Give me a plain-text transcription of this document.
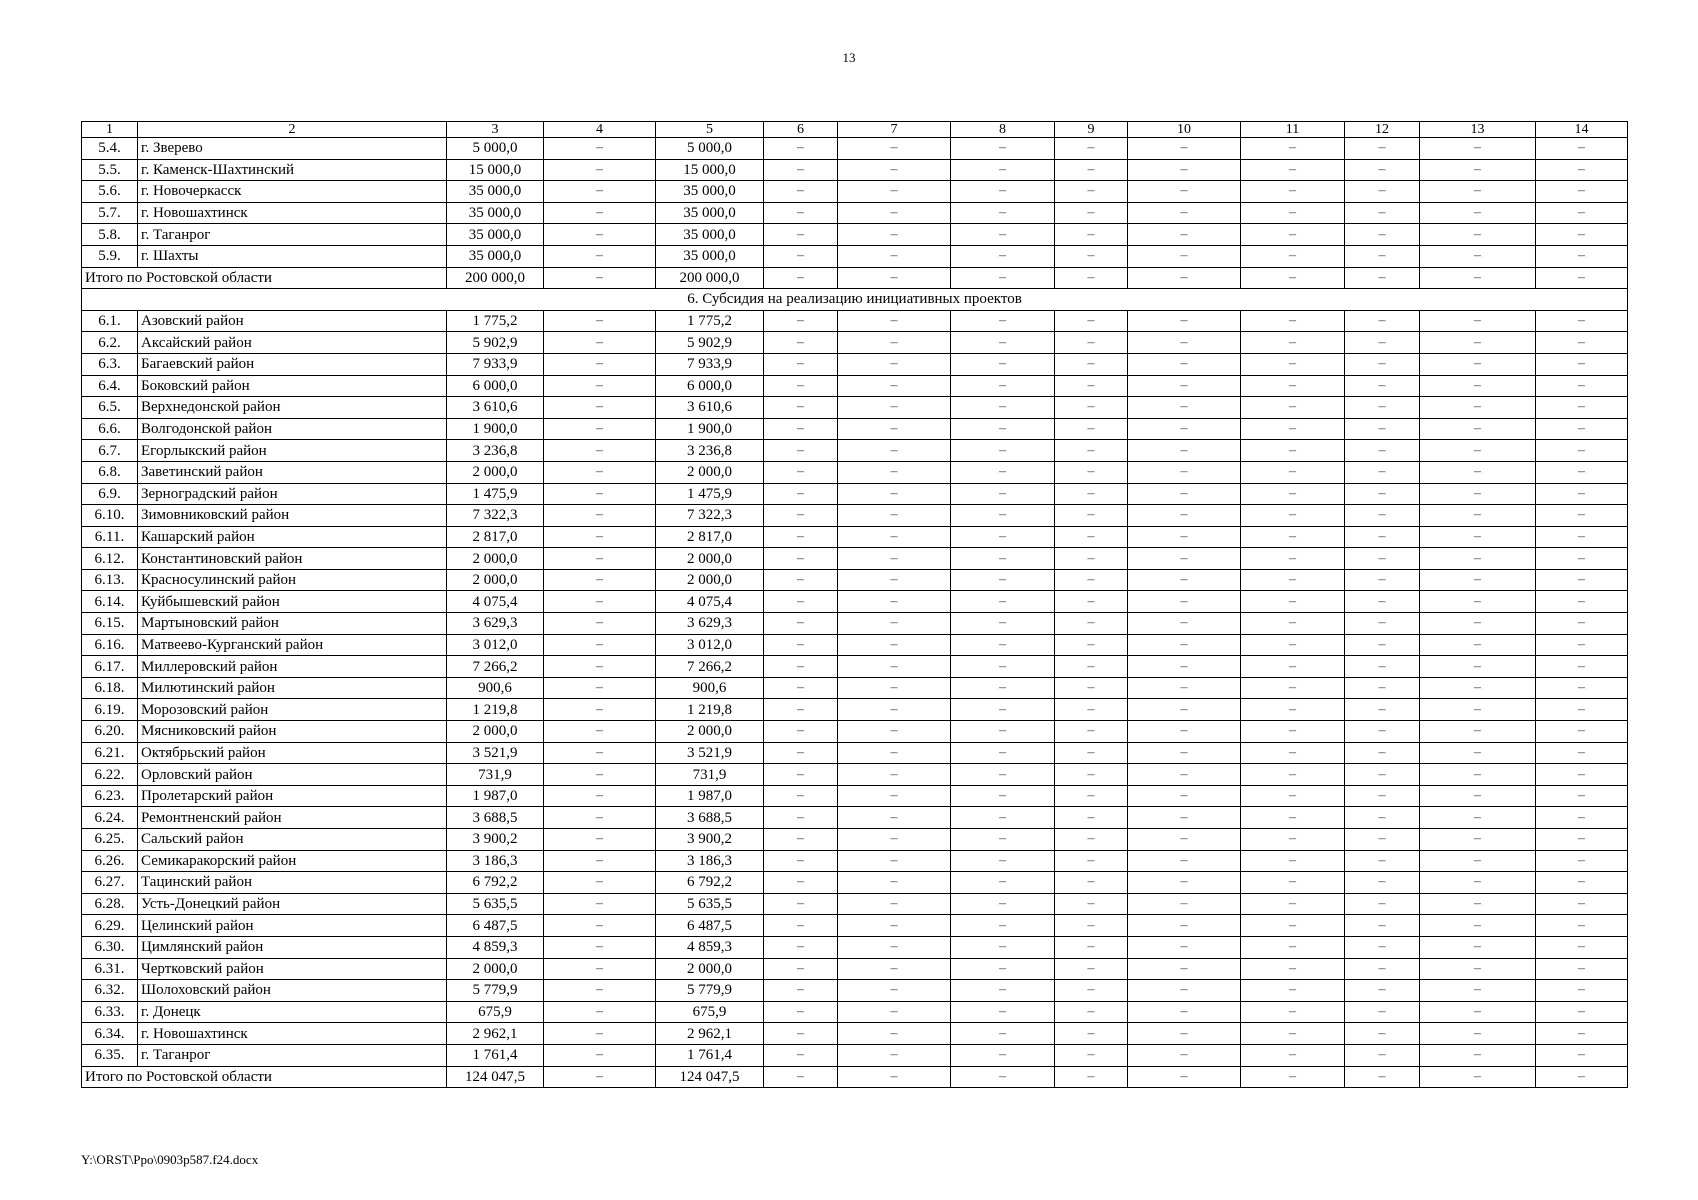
13
1	2	3	4	5	6	7	8	9	10	11	12	13	14
5.4.	г. Зверево	5 000,0	–	5 000,0	–	–	–	–	–	–	–	–	–
5.5.	г. Каменск-Шахтинский	15 000,0	–	15 000,0	–	–	–	–	–	–	–	–	–
5.6.	г. Новочеркасск	35 000,0	–	35 000,0	–	–	–	–	–	–	–	–	–
5.7.	г. Новошахтинск	35 000,0	–	35 000,0	–	–	–	–	–	–	–	–	–
5.8.	г. Таганрог	35 000,0	–	35 000,0	–	–	–	–	–	–	–	–	–
5.9.	г. Шахты	35 000,0	–	35 000,0	–	–	–	–	–	–	–	–	–
Итого по Ростовской области		200 000,0	–	200 000,0	–	–	–	–	–	–	–	–	–
6. Субсидия на реализацию инициативных проектов													
6.1.	Азовский район	1 775,2	–	1 775,2	–	–	–	–	–	–	–	–	–
6.2.	Аксайский район	5 902,9	–	5 902,9	–	–	–	–	–	–	–	–	–
6.3.	Багаевский район	7 933,9	–	7 933,9	–	–	–	–	–	–	–	–	–
6.4.	Боковский район	6 000,0	–	6 000,0	–	–	–	–	–	–	–	–	–
6.5.	Верхнедонской район	3 610,6	–	3 610,6	–	–	–	–	–	–	–	–	–
6.6.	Волгодонской район	1 900,0	–	1 900,0	–	–	–	–	–	–	–	–	–
6.7.	Егорлыкский район	3 236,8	–	3 236,8	–	–	–	–	–	–	–	–	–
6.8.	Заветинский район	2 000,0	–	2 000,0	–	–	–	–	–	–	–	–	–
6.9.	Зерноградский район	1 475,9	–	1 475,9	–	–	–	–	–	–	–	–	–
6.10.	Зимовниковский район	7 322,3	–	7 322,3	–	–	–	–	–	–	–	–	–
6.11.	Кашарский район	2 817,0	–	2 817,0	–	–	–	–	–	–	–	–	–
6.12.	Константиновский район	2 000,0	–	2 000,0	–	–	–	–	–	–	–	–	–
6.13.	Красносулинский район	2 000,0	–	2 000,0	–	–	–	–	–	–	–	–	–
6.14.	Куйбышевский район	4 075,4	–	4 075,4	–	–	–	–	–	–	–	–	–
6.15.	Мартыновский район	3 629,3	–	3 629,3	–	–	–	–	–	–	–	–	–
6.16.	Матвеево-Курганский район	3 012,0	–	3 012,0	–	–	–	–	–	–	–	–	–
6.17.	Миллеровский район	7 266,2	–	7 266,2	–	–	–	–	–	–	–	–	–
6.18.	Милютинский район	900,6	–	900,6	–	–	–	–	–	–	–	–	–
6.19.	Морозовский район	1 219,8	–	1 219,8	–	–	–	–	–	–	–	–	–
6.20.	Мясниковский район	2 000,0	–	2 000,0	–	–	–	–	–	–	–	–	–
6.21.	Октябрьский район	3 521,9	–	3 521,9	–	–	–	–	–	–	–	–	–
6.22.	Орловский район	731,9	–	731,9	–	–	–	–	–	–	–	–	–
6.23.	Пролетарский район	1 987,0	–	1 987,0	–	–	–	–	–	–	–	–	–
6.24.	Ремонтненский район	3 688,5	–	3 688,5	–	–	–	–	–	–	–	–	–
6.25.	Сальский район	3 900,2	–	3 900,2	–	–	–	–	–	–	–	–	–
6.26.	Семикаракорский район	3 186,3	–	3 186,3	–	–	–	–	–	–	–	–	–
6.27.	Тацинский район	6 792,2	–	6 792,2	–	–	–	–	–	–	–	–	–
6.28.	Усть-Донецкий район	5 635,5	–	5 635,5	–	–	–	–	–	–	–	–	–
6.29.	Целинский район	6 487,5	–	6 487,5	–	–	–	–	–	–	–	–	–
6.30.	Цимлянский район	4 859,3	–	4 859,3	–	–	–	–	–	–	–	–	–
6.31.	Чертковский район	2 000,0	–	2 000,0	–	–	–	–	–	–	–	–	–
6.32.	Шолоховский район	5 779,9	–	5 779,9	–	–	–	–	–	–	–	–	–
6.33.	г. Донецк	675,9	–	675,9	–	–	–	–	–	–	–	–	–
6.34.	г. Новошахтинск	2 962,1	–	2 962,1	–	–	–	–	–	–	–	–	–
6.35.	г. Таганрог	1 761,4	–	1 761,4	–	–	–	–	–	–	–	–	–
Итого по Ростовской области		124 047,5	–	124 047,5	–	–	–	–	–	–	–	–	–
Y:\ORST\Ppo\0903p587.f24.docx
